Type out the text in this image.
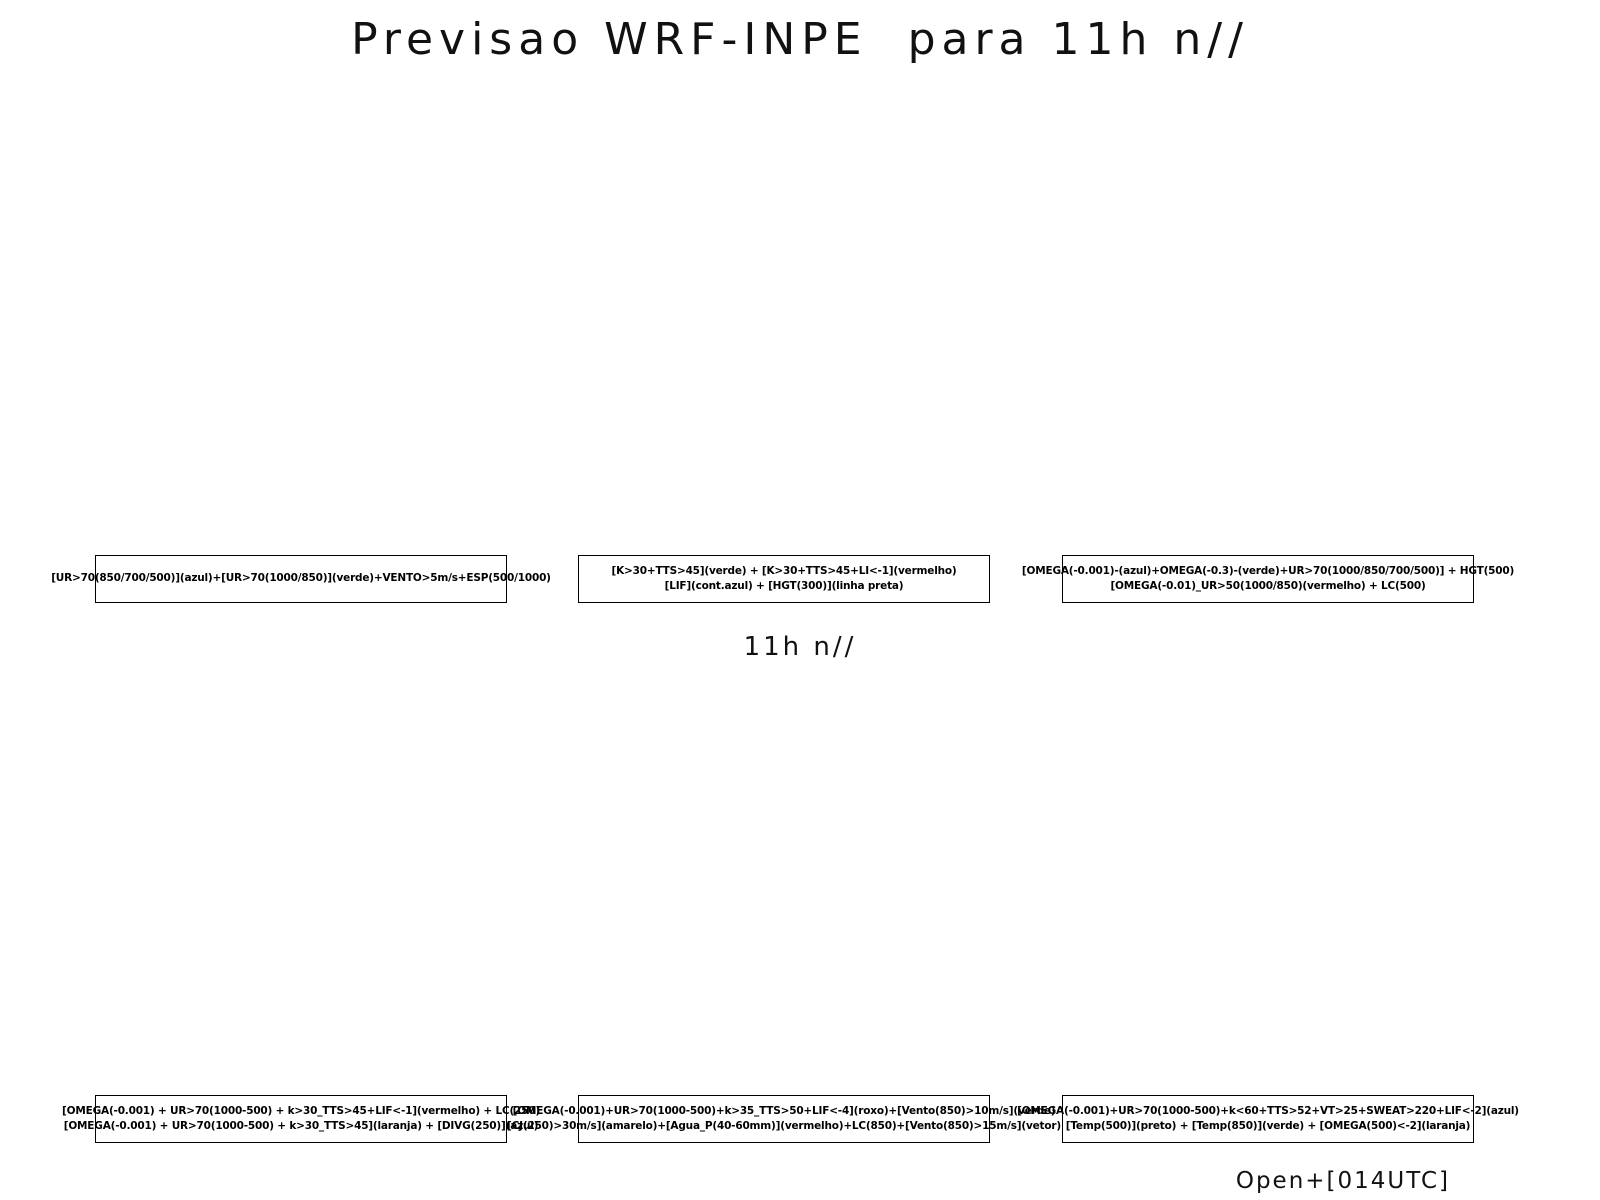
Previsao WRF-INPE  para 11h n//
[UR>70(850/700/500)](azul)+[UR>70(1000/850)](verde)+VENTO>5m/s+ESP(500/1000)
[K>30+TTS>45](verde) + [K>30+TTS>45+LI<-1](vermelho)
[LIF](cont.azul) + [HGT(300)](linha preta)
[OMEGA(-0.001)-(azul)+OMEGA(-0.3)-(verde)+UR>70(1000/850/700/500)] + HGT(500)
[OMEGA(-0.01)_UR>50(1000/850)(vermelho) + LC(500)
11h n//
[OMEGA(-0.001) + UR>70(1000-500) + k>30_TTS>45+LIF<-1](vermelho) + LC(250)
[OMEGA(-0.001) + UR>70(1000-500) + k>30_TTS>45](laranja) + [DIVG(250)](azul)
[OMEGA(-0.001)+UR>70(1000-500)+k>35_TTS>50+LIF<-4](roxo)+[Vento(850)>10m/s](verde)
[CJ(250)>30m/s](amarelo)+[Agua_P(40-60mm)](vermelho)+LC(850)+[Vento(850)>15m/s](vetor)
[OMEGA(-0.001)+UR>70(1000-500)+k<60+TTS>52+VT>25+SWEAT>220+LIF<-2](azul)
[Temp(500)](preto) + [Temp(850)](verde) + [OMEGA(500)<-2](laranja)
Open+[014UTC]
